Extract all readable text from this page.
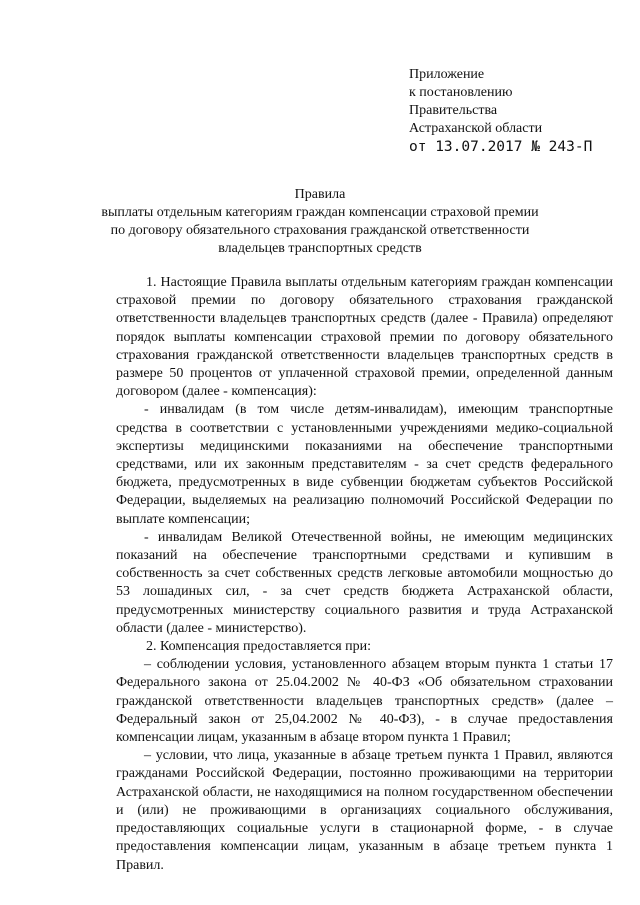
Приложение
к постановлению
Правительства
Астраханской области
от 13.07.2017 № 243-П
Правила
выплаты отдельным категориям граждан компенсации страховой премии по договору обязательного страхования гражданской ответственности владельцев транспортных средств

1. Настоящие Правила выплаты отдельным категориям граждан компенсации страховой премии по договору обязательного страхования гражданской ответственности владельцев транспортных средств (далее - Правила) определяют порядок выплаты компенсации страховой премии по договору обязательного страхования гражданской ответственности владельцев транспортных средств в размере 50 процентов от уплаченной страховой премии, определенной данным договором (далее - компенсация):

- инвалидам (в том числе детям-инвалидам), имеющим транспортные средства в соответствии с установленными учреждениями медико-социальной экспертизы медицинскими показаниями на обеспечение транспортными средствами, или их законным представителям - за счет средств федерального бюджета, предусмотренных в виде субвенции бюджетам субъектов Российской Федерации, выделяемых на реализацию полномочий Российской Федерации по выплате компенсации;

- инвалидам Великой Отечественной войны, не имеющим медицинских показаний на обеспечение транспортными средствами и купившим в собственность за счет собственных средств легковые автомобили мощностью до 53 лошадиных сил, - за счет средств бюджета Астраханской области, предусмотренных министерству социального развития и труда Астраханской области (далее - министерство).

2. Компенсация предоставляется при:

– соблюдении условия, установленного абзацем вторым пункта 1 статьи 17 Федерального закона от 25.04.2002 № 40-ФЗ «Об обязательном страховании гражданской ответственности владельцев транспортных средств» (далее – Федеральный закон от 25,04.2002 № 40-ФЗ), - в случае предоставления компенсации лицам, указанным в абзаце втором пункта 1 Правил;

– условии, что лица, указанные в абзаце третьем пункта 1 Правил, являются гражданами Российской Федерации, постоянно проживающими на территории Астраханской области, не находящимися на полном государственном обеспечении и (или) не проживающими в организациях социального обслуживания, предоставляющих социальные услуги в стационарной форме, - в случае предоставления компенсации лицам, указанным в абзаце третьем пункта 1 Правил.
